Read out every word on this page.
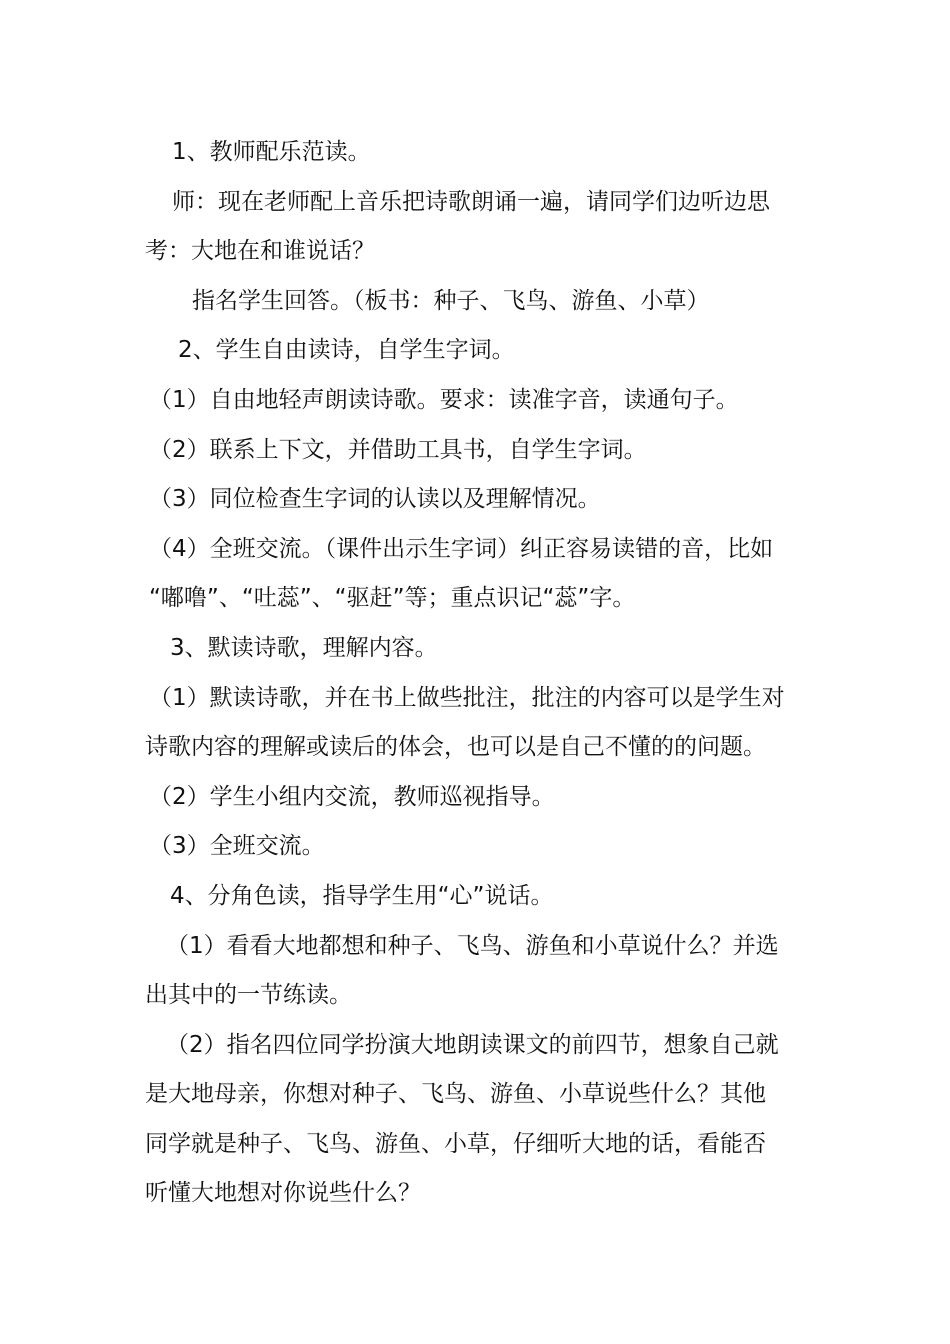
1、教师配乐范读。

师：现在老师配上音乐把诗歌朗诵一遍，请同学们边听边思

考：大地在和谁说话？

指名学生回答。（板书：种子、飞鸟、游鱼、小草）

2、学生自由读诗，自学生字词。

（1）自由地轻声朗读诗歌。要求：读准字音，读通句子。

（2）联系上下文，并借助工具书，自学生字词。

（3）同位检查生字词的认读以及理解情况。

（4）全班交流。（课件出示生字词）纠正容易读错的音，比如

“嘟噜”、“吐蕊”、“驱赶”等；重点识记“蕊”字。

3、默读诗歌，理解内容。

（1）默读诗歌，并在书上做些批注，批注的内容可以是学生对

诗歌内容的理解或读后的体会，也可以是自己不懂的的问题。

（2）学生小组内交流，教师巡视指导。

（3）全班交流。

4、分角色读，指导学生用“心”说话。

（1）看看大地都想和种子、飞鸟、游鱼和小草说什么？并选

出其中的一节练读。

（2）指名四位同学扮演大地朗读课文的前四节，想象自己就

是大地母亲，你想对种子、飞鸟、游鱼、小草说些什么？其他

同学就是种子、飞鸟、游鱼、小草，仔细听大地的话，看能否

听懂大地想对你说些什么？
